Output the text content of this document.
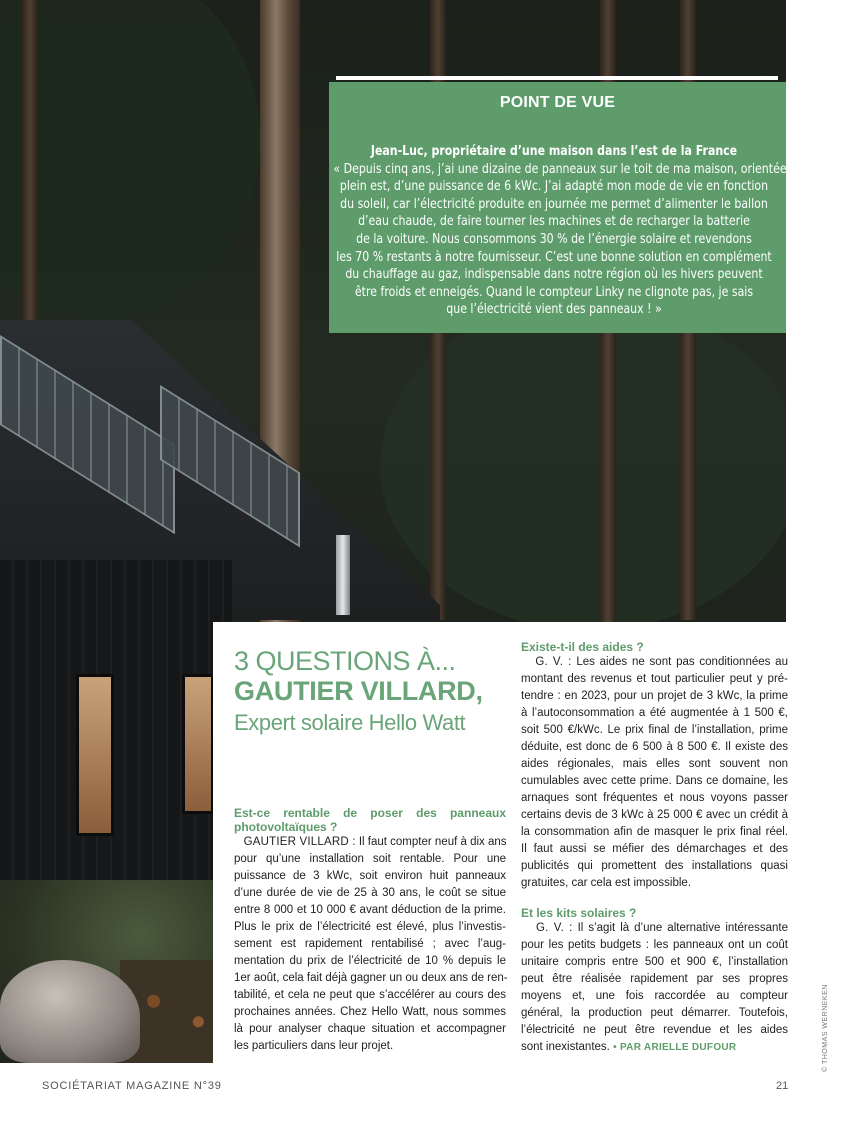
POINT DE VUE
Jean-Luc, propriétaire d’une maison dans l’est de la France
« Depuis cinq ans, j’ai une dizaine de panneaux sur le toit de ma maison, orientée
plein est, d’une puissance de 6 kWc. J’ai adapté mon mode de vie en fonction
du soleil, car l’électricité produite en journée me permet d’alimenter le ballon
d’eau chaude, de faire tourner les machines et de recharger la batterie
de la voiture. Nous consommons 30 % de l’énergie solaire et revendons
les 70 % restants à notre fournisseur. C’est une bonne solution en complément
du chauffage au gaz, indispensable dans notre région où les hivers peuvent
être froids et enneigés. Quand le compteur Linky ne clignote pas, je sais
que l’électricité vient des panneaux ! »
3 QUESTIONS À...
GAUTIER VILLARD,
Expert solaire Hello Watt
Est-ce rentable de poser des panneaux
photovoltaïques ?
GAUTIER VILLARD : Il faut compter neuf à dix ans
pour qu’une installation soit rentable. Pour une
puissance de 3 kWc, soit environ huit panneaux
d’une durée de vie de 25 à 30 ans, le coût se situe
entre 8 000 et 10 000 € avant déduction de la prime.
Plus le prix de l’électricité est élevé, plus l’investis-
sement est rapidement rentabilisé ; avec l’aug-
mentation du prix de l’électricité de 10 % depuis le
1er août, cela fait déjà gagner un ou deux ans de ren-
tabilité, et cela ne peut que s’accélérer au cours des
prochaines années. Chez Hello Watt, nous sommes
là pour analyser chaque situation et accompagner
les particuliers dans leur projet.
Existe-t-il des aides ?
G. V. : Les aides ne sont pas conditionnées au
montant des revenus et tout particulier peut y pré-
tendre : en 2023, pour un projet de 3 kWc, la prime
à l’autoconsommation a été augmentée à 1 500 €,
soit 500 €/kWc. Le prix final de l’installation, prime
déduite, est donc de 6 500 à 8 500 €. Il existe des
aides régionales, mais elles sont souvent non
cumulables avec cette prime. Dans ce domaine, les
arnaques sont fréquentes et nous voyons passer
certains devis de 3 kWc à 25 000 € avec un crédit à
la consommation afin de masquer le prix final réel.
Il faut aussi se méfier des démarchages et des
publicités qui promettent des installations quasi
gratuites, car cela est impossible.
Et les kits solaires ?
G. V. : Il s’agit là d’une alternative intéressante
pour les petits budgets : les panneaux ont un coût
unitaire compris entre 500 et 900 €, l’installation
peut être réalisée rapidement par ses propres
moyens et, une fois raccordée au compteur
général, la production peut démarrer. Toutefois,
l’électricité ne peut être revendue et les aides
sont inexistantes. • PAR ARIELLE DUFOUR
SOCIÉTARIAT MAGAZINE N°39	21
© THOMAS WERNEKEN
